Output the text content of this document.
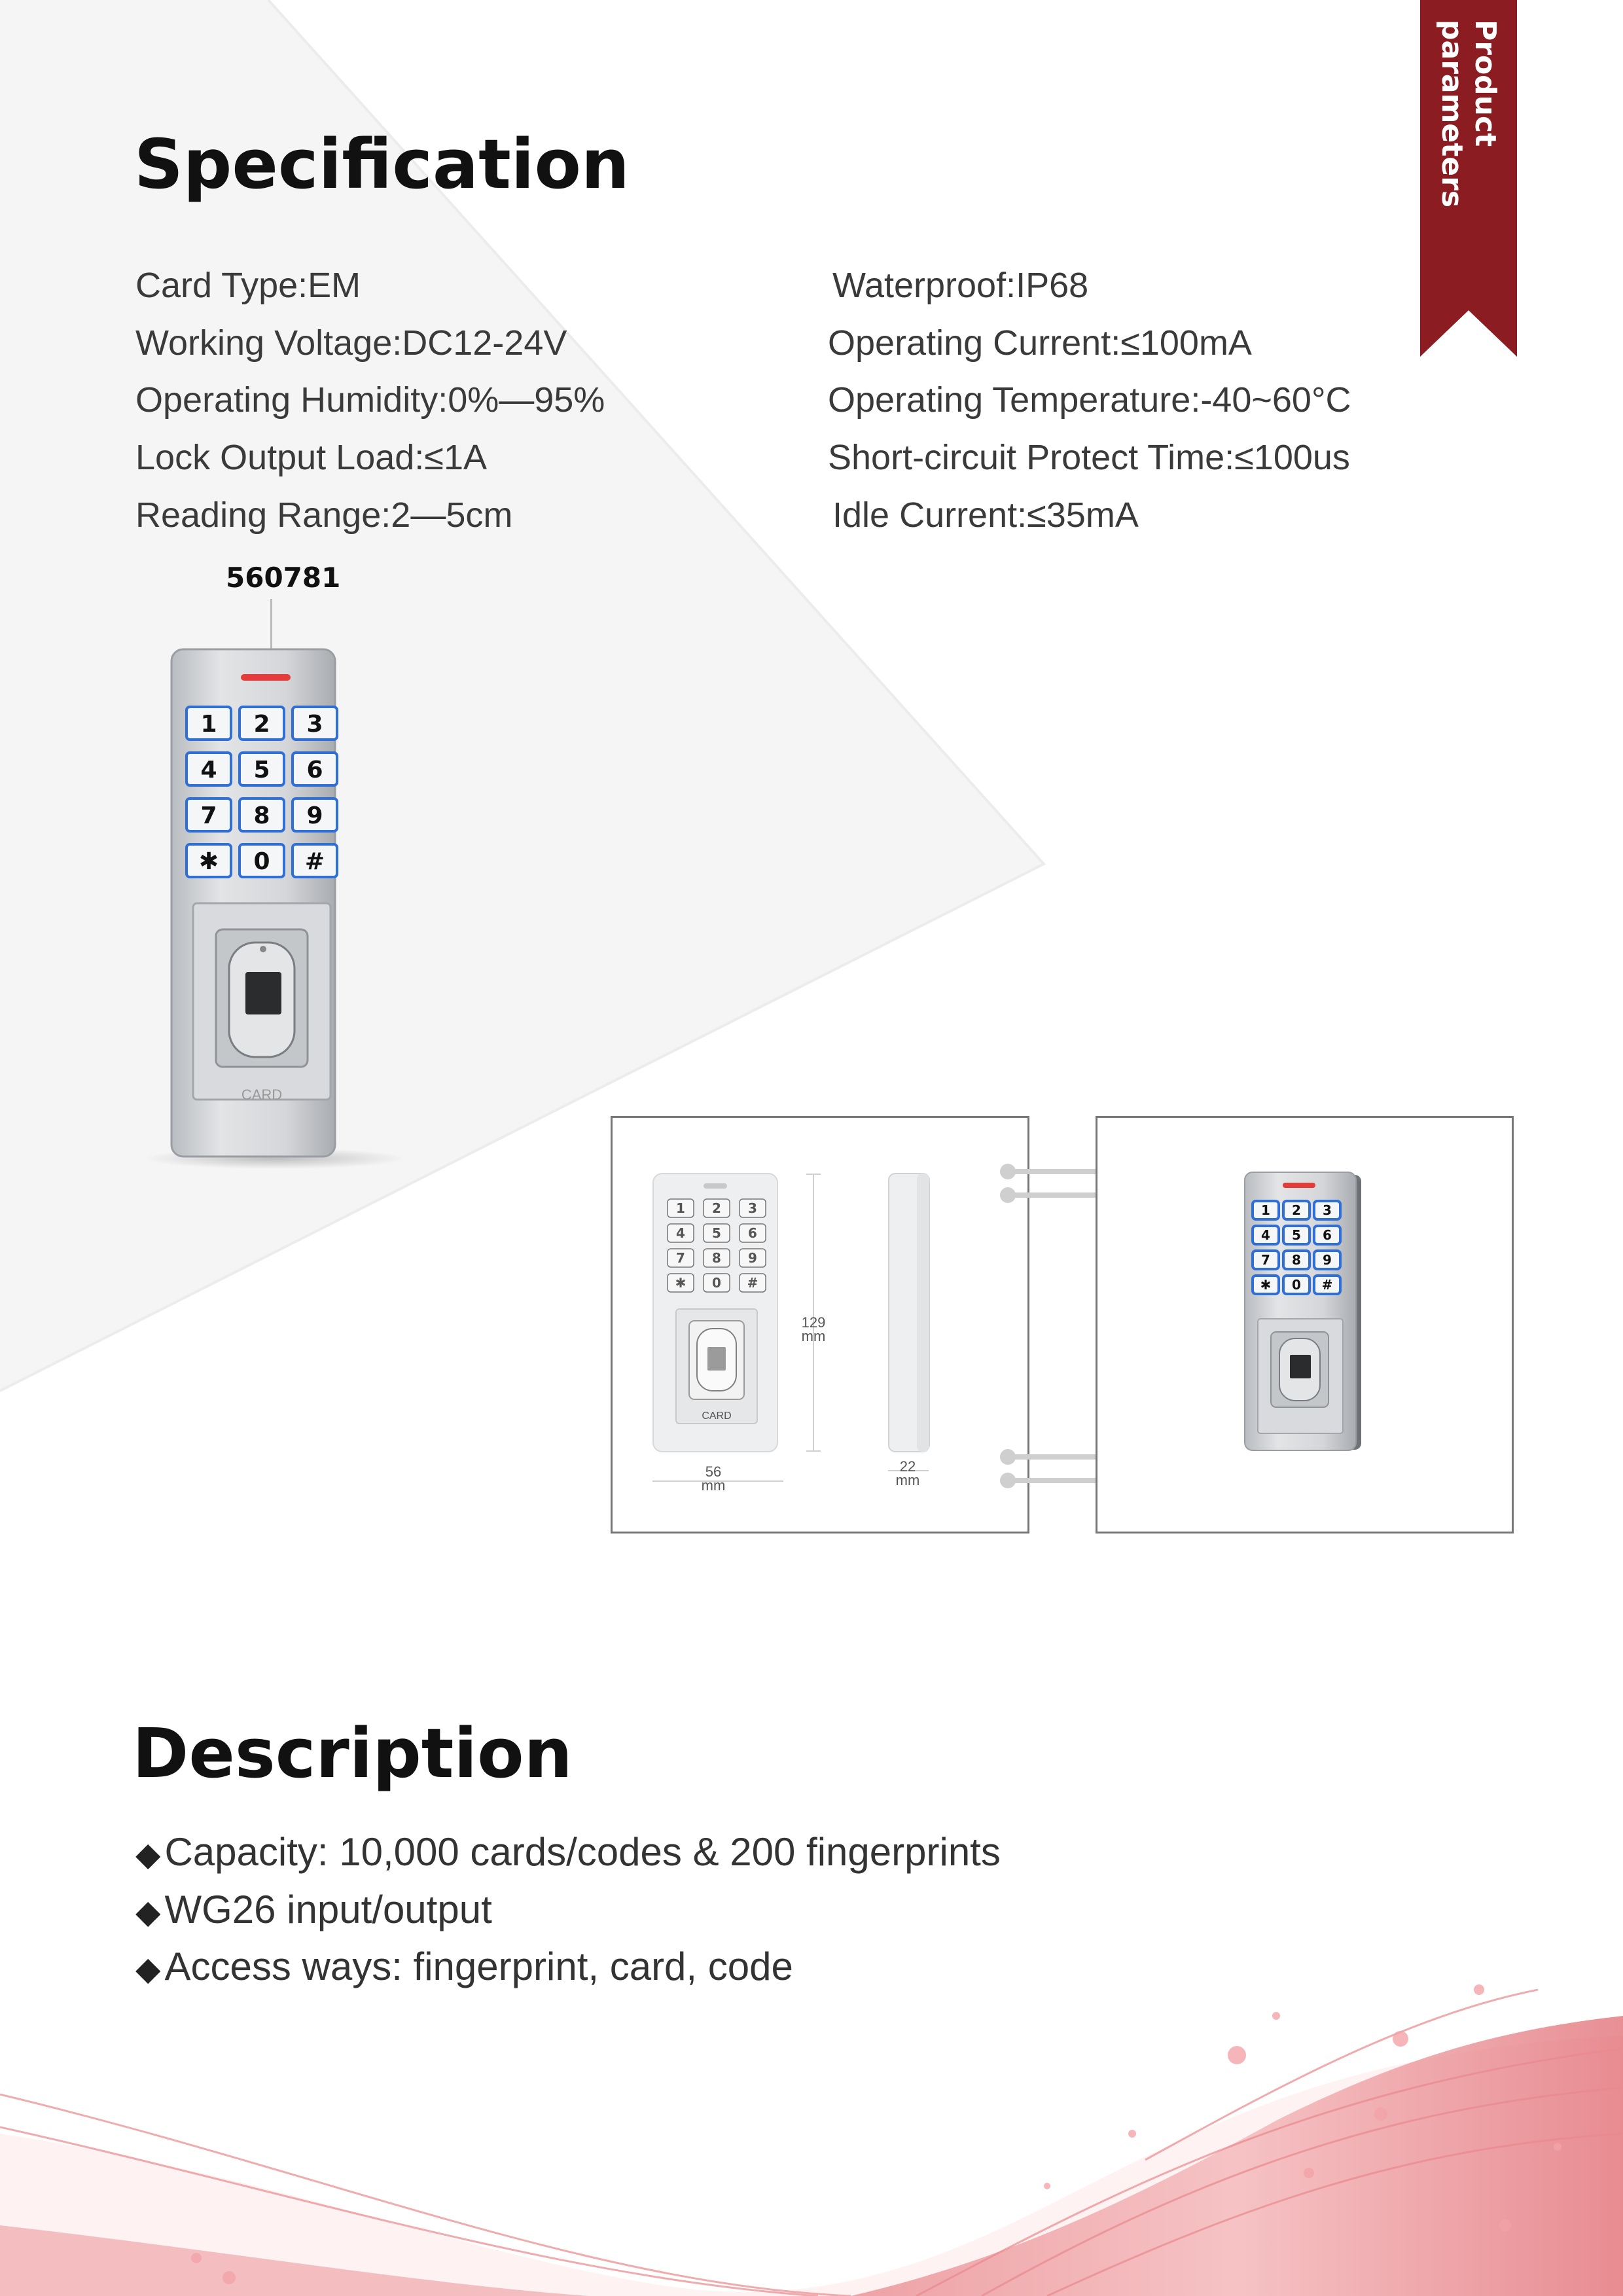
Product parameters
Specification
Card Type:EM
Working Voltage:DC12-24V
Operating Humidity:0%—95%
Lock Output Load:≤1A
Reading Range:2—5cm
Waterproof:IP68
Operating Current:≤100mA
Operating Temperature:-40~60°C
Short-circuit Protect Time:≤100us
Idle Current:≤35mA
560781
1 2 3
4 5 6
7 8 9
✱ 0 #
CARD
1 2 3
4 5 6
7 8 9
✱ 0 #
CARD
129
mm
56
mm
22
mm
1 2 3
4 5 6
7 8 9
✱ 0 #
Description
◆ Capacity: 10,000 cards/codes & 200 fingerprints
◆ WG26 input/output
◆ Access ways: fingerprint, card, code
